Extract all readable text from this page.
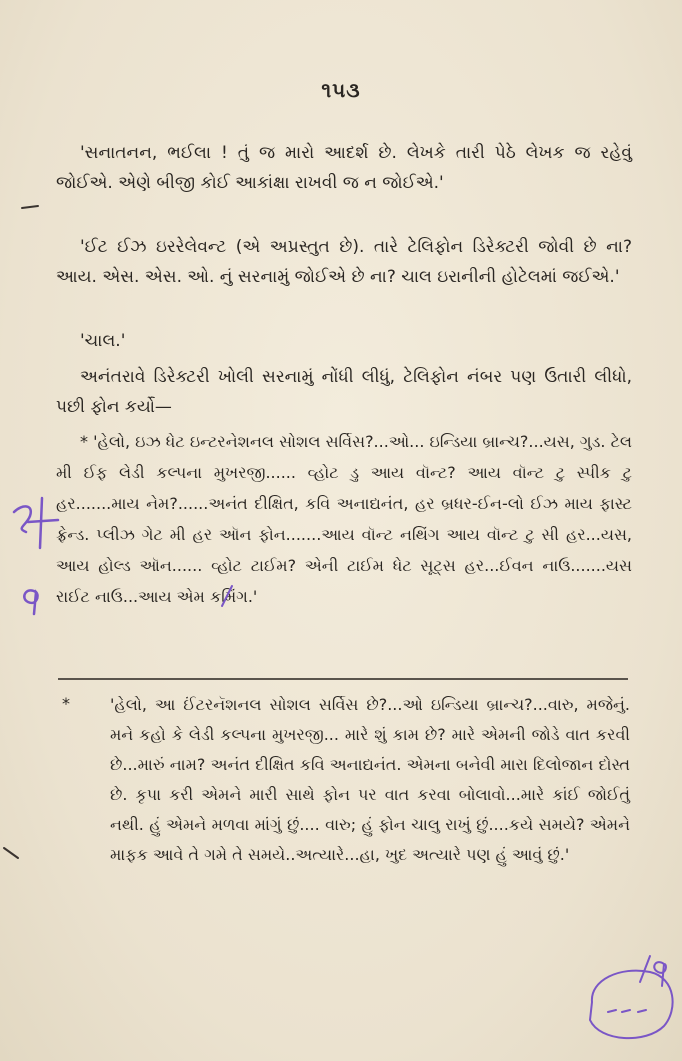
૧૫૩

'સનાતનન, ભઈલા ! તું જ મારો આદર્શ છે. લેખકે તારી પેઠે લેખક જ રહેવું જોઈએ. એણે બીજી કોઈ આકાંક્ષા રાખવી જ ન જોઈએ.'

'ઈટ ઈઝ ઇરરેલેવન્ટ (એ અપ્રસ્તુત છે). તારે ટેલિફોન ડિરેક્ટરી જોવી છે ના? આય. એસ. એસ. ઓ. નું સરનામું જોઈએ છે ના? ચાલ ઇરાનીની હોટેલમાં જઈએ.'

'ચાલ.'

અનંતરાવે ડિરેક્ટરી ખોલી સરનામું નોંધી લીધું, ટેલિફોન નંબર પણ ઉતારી લીધો, પછી ફોન કર્યો—

* 'હેલો, ઇઝ ધેટ ઇન્ટરનેશનલ સોશલ સર્વિસ?...ઓ... ઇન્ડિયા બ્રાન્ચ?...યસ, ગુડ. ટેલ મી ઈફ લેડી કલ્પના મુખરજી...... વ્હોટ ડુ આય વૉન્ટ? આય વૉન્ટ ટુ સ્પીક ટુ હર.......માય નેમ?......અનંત દીક્ષિત, કવિ અનાદ્યનંત, હર બ્રધર-ઈન-લો ઈઝ માય ફાસ્ટ ફ્રેન્ડ. પ્લીઝ ગેટ મી હર ઑન ફોન.......આય વૉન્ટ નથિંગ આય વૉન્ટ ટુ સી હર...યસ, આય હોલ્ડ ઑન...... વ્હોટ ટાઈમ? એની ટાઈમ ધેટ સૂટ્સ હર...ઈવન નાઉ.......યસ રાઈટ નાઉ...આય એમ કમિંગ.'

*	'હેલો, આ ઈંટરનૅશનલ સોશલ સર્વિસ છે?...ઓ ઇન્ડિયા બ્રાન્ચ?...વારુ, મજેનું. મને કહો કે લેડી કલ્પના મુખરજી... મારે શું કામ છે? મારે એમની જોડે વાત કરવી છે...મારું નામ? અનંત દીક્ષિત કવિ અનાદ્યનંત. એમના બનેવી મારા દિલોજાન દોસ્ત છે. કૃપા કરી એમને મારી સાથે ફોન પર વાત કરવા બોલાવો...મારે કાંઈ જોઈતું નથી. હું એમને મળવા માંગું છું.... વારુ; હું ફોન ચાલુ રાખું છું....કયે સમયે? એમને માફક આવે તે ગમે તે સમયે..અત્યારે...હા, ખુદ અત્યારે પણ હું આવું છું.'
